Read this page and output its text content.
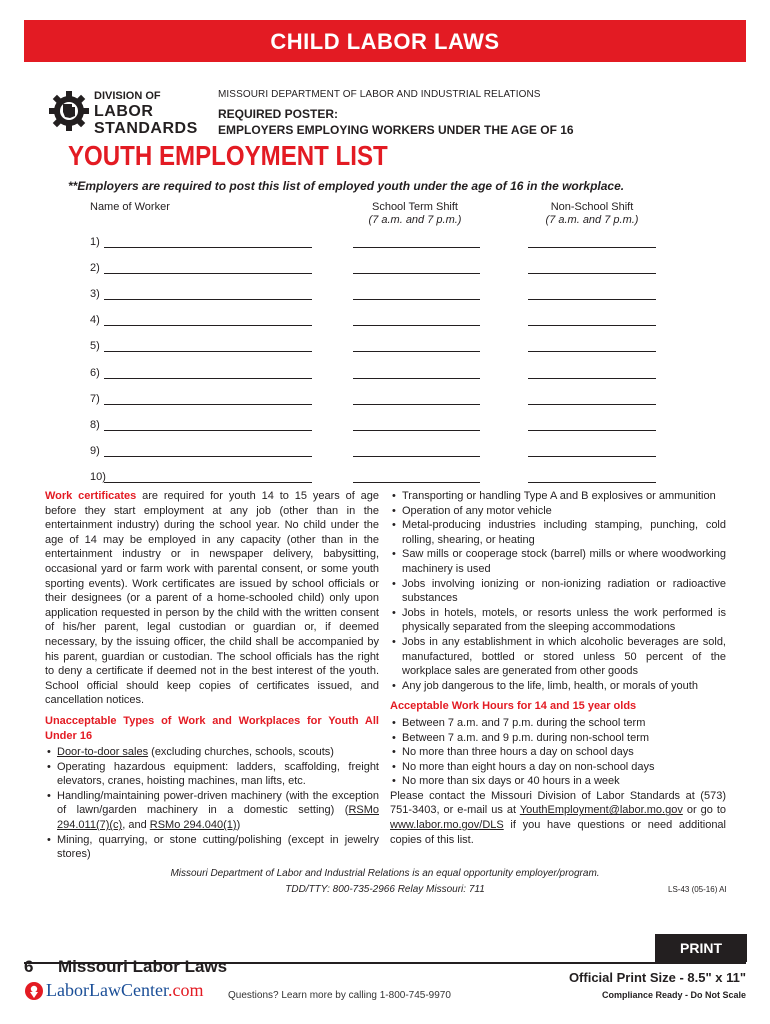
CHILD LABOR LAWS
DIVISION OF
LABOR
STANDARDS
MISSOURI DEPARTMENT OF LABOR AND INDUSTRIAL RELATIONS
REQUIRED POSTER:
EMPLOYERS EMPLOYING WORKERS UNDER THE AGE OF 16
YOUTH EMPLOYMENT LIST
**Employers are required to post this list of employed youth under the age of 16 in the workplace.
Name of Worker	School Term Shift
(7 a.m. and 7 p.m.)
Non-School Shift
(7 a.m. and 7 p.m.)
1)
2)
3)
4)
5)
6)
7)
8)
9)
10)
Work certificates are required for youth 14 to 15 years of age before they start employment at any job (other than in the entertainment industry) during the school year. No child under the age of 14 may be employed in any capacity (other than in the entertainment industry or in newspaper delivery, babysitting, occasional yard or farm work with parental consent, or some youth sporting events). Work certificates are issued by school officials or their designees (or a parent of a home-schooled child) only upon application requested in person by the child with the written consent of his/her parent, legal custodian or guardian or, if deemed necessary, by the issuing officer, the child shall be accompanied by his parent, guardian or custodian. The school officials has the right to deny a certificate if deemed not in the best interest of the youth. School official should keep copies of certificates issued, and cancellation notices.
Unacceptable Types of Work and Workplaces for Youth All Under 16
• Door-to-door sales (excluding churches, schools, scouts)
• Operating hazardous equipment: ladders, scaffolding, freight elevators, cranes, hoisting machines, man lifts, etc.
• Handling/maintaining power-driven machinery (with the exception of lawn/garden machinery in a domestic setting) (RSMo 294.011(7)(c), and RSMo 294.040(1))
• Mining, quarrying, or stone cutting/polishing (except in jewelry stores)
• Transporting or handling Type A and B explosives or ammunition
• Operation of any motor vehicle
• Metal-producing industries including stamping, punching, cold rolling, shearing, or heating
• Saw mills or cooperage stock (barrel) mills or where woodworking machinery is used
• Jobs involving ionizing or non-ionizing radiation or radioactive substances
• Jobs in hotels, motels, or resorts unless the work performed is physically separated from the sleeping accommodations
• Jobs in any establishment in which alcoholic beverages are sold, manufactured, bottled or stored unless 50 percent of the workplace sales are generated from other goods
• Any job dangerous to the life, limb, health, or morals of youth
Acceptable Work Hours for 14 and 15 year olds
• Between 7 a.m. and 7 p.m. during the school term
• Between 7 a.m. and 9 p.m. during non-school term
• No more than three hours a day on school days
• No more than eight hours a day on non-school days
• No more than six days or 40 hours in a week
Please contact the Missouri Division of Labor Standards at (573) 751-3403, or e-mail us at YouthEmployment@labor.mo.gov or go to www.labor.mo.gov/DLS if you have questions or need additional copies of this list.
Missouri Department of Labor and Industrial Relations is an equal opportunity employer/program.
TDD/TTY: 800-735-2966 Relay Missouri: 711	LS-43 (05-16) AI
PRINT
6 Missouri Labor Laws
Official Print Size - 8.5" x 11"
Compliance Ready - Do Not Scale
LaborLawCenter.com Questions? Learn more by calling 1-800-745-9970
